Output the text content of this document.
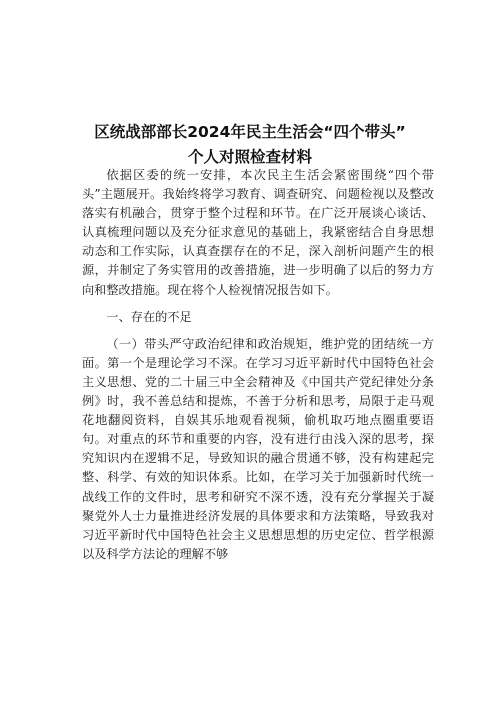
区统战部部长2024年民主生活会“四个带头”
个人对照检查材料

依据区委的统一安排，本次民主生活会紧密围绕“四个带头”主题展开。我始终将学习教育、调查研究、问题检视以及整改落实有机融合，贯穿于整个过程和环节。在广泛开展谈心谈话、认真梳理问题以及充分征求意见的基础上，我紧密结合自身思想动态和工作实际，认真查摆存在的不足，深入剖析问题产生的根源，并制定了务实管用的改善措施，进一步明确了以后的努力方向和整改措施。现在将个人检视情况报告如下。

一、存在的不足

（一）带头严守政治纪律和政治规矩，维护党的团结统一方面。第一个是理论学习不深。在学习习近平新时代中国特色社会主义思想、党的二十届三中全会精神及《中国共产党纪律处分条例》时，我不善总结和提炼，不善于分析和思考，局限于走马观花地翻阅资料，自娱其乐地观看视频，偷机取巧地点圈重要语句。对重点的环节和重要的内容，没有进行由浅入深的思考，探究知识内在逻辑不足，导致知识的融合贯通不够，没有构建起完整、科学、有效的知识体系。比如，在学习关于加强新时代统一战线工作的文件时，思考和研究不深不透，没有充分掌握关于凝聚党外人士力量推进经济发展的具体要求和方法策略，导致我对习近平新时代中国特色社会主义思想思想的历史定位、哲学根源以及科学方法论的理解不够
